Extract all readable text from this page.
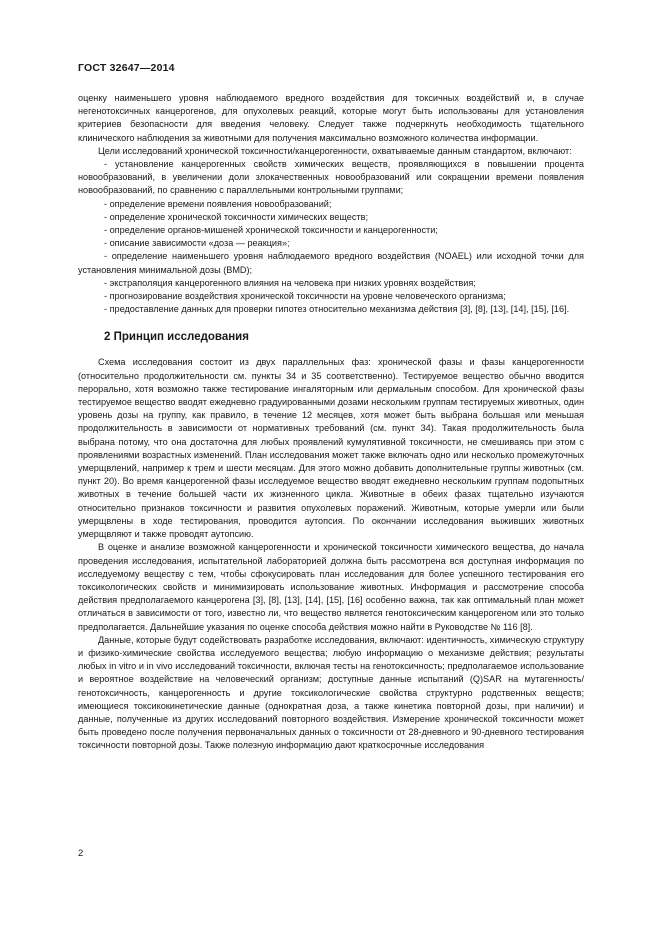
ГОСТ 32647—2014

оценку наименьшего уровня наблюдаемого вредного воздействия для токсичных воздействий и, в случае негенотоксичных канцерогенов, для опухолевых реакций, которые могут быть использованы для установления критериев безопасности для введения человеку. Следует также подчеркнуть необходимость тщательного клинического наблюдения за животными для получения максимально возможного количества информации.

Цели исследований хронической токсичности/канцерогенности, охватываемые данным стандартом, включают:

- установление канцерогенных свойств химических веществ, проявляющихся в повышении процента новообразований, в увеличении доли злокачественных новообразований или сокращении времени появления новообразований, по сравнению с параллельными контрольными группами;

- определение времени появления новообразований;

- определение хронической токсичности химических веществ;

- определение органов-мишеней хронической токсичности и канцерогенности;

- описание зависимости «доза — реакция»;

- определение наименьшего уровня наблюдаемого вредного воздействия (NOAEL) или исходной точки для установления минимальной дозы (BMD);

- экстраполяция канцерогенного влияния на человека при низких уровнях воздействия;

- прогнозирование воздействия хронической токсичности на уровне человеческого организма;

- предоставление данных для проверки гипотез относительно механизма действия [3], [8], [13], [14], [15], [16].

2 Принцип исследования

Схема исследования состоит из двух параллельных фаз: хронической фазы и фазы канцерогенности (относительно продолжительности см. пункты 34 и 35 соответственно). Тестируемое вещество обычно вводится перорально, хотя возможно также тестирование ингаляторным или дермальным способом. Для хронической фазы тестируемое вещество вводят ежедневно градуированными дозами нескольким группам тестируемых животных, один уровень дозы на группу, как правило, в течение 12 месяцев, хотя может быть выбрана большая или меньшая продолжительность в зависимости от нормативных требований (см. пункт 34). Такая продолжительность была выбрана потому, что она достаточна для любых проявлений кумулятивной токсичности, не смешиваясь при этом с проявлениями возрастных изменений. План исследования может также включать одно или несколько промежуточных умерщвлений, например к трем и шести месяцам. Для этого можно добавить дополнительные группы животных (см. пункт 20). Во время канцерогенной фазы исследуемое вещество вводят ежедневно нескольким группам подопытных животных в течение большей части их жизненного цикла. Животные в обеих фазах тщательно изучаются относительно признаков токсичности и развития опухолевых поражений. Животным, которые умерли или были умерщвлены в ходе тестирования, проводится аутопсия. По окончании исследования выживших животных умерщвляют и также проводят аутопсию.

В оценке и анализе возможной канцерогенности и хронической токсичности химического вещества, до начала проведения исследования, испытательной лабораторией должна быть рассмотрена вся доступная информация по исследуемому веществу с тем, чтобы сфокусировать план исследования для более успешного тестирования его токсикологических свойств и минимизировать использование животных. Информация и рассмотрение способа действия предполагаемого канцерогена [3], [8], [13], [14], [15], [16] особенно важна, так как оптимальный план может отличаться в зависимости от того, известно ли, что вещество является генотоксическим канцерогеном или это только предполагается. Дальнейшие указания по оценке способа действия можно найти в Руководстве № 116 [8].

Данные, которые будут содействовать разработке исследования, включают: идентичность, химическую структуру и физико-химические свойства исследуемого вещества; любую информацию о механизме действия; результаты любых in vitro и in vivo исследований токсичности, включая тесты на генотоксичность; предполагаемое использование и вероятное воздействие на человеческий организм; доступные данные испытаний (Q)SAR на мутагенность/генотоксичность, канцерогенность и другие токсикологические свойства структурно родственных веществ; имеющиеся токсикокинетические данные (однократная доза, а также кинетика повторной дозы, при наличии) и данные, полученные из других исследований повторного воздействия. Измерение хронической токсичности может быть проведено после получения первоначальных данных о токсичности от 28-дневного и 90-дневного тестирования токсичности повторной дозы. Также полезную информацию дают краткосрочные исследования

2
